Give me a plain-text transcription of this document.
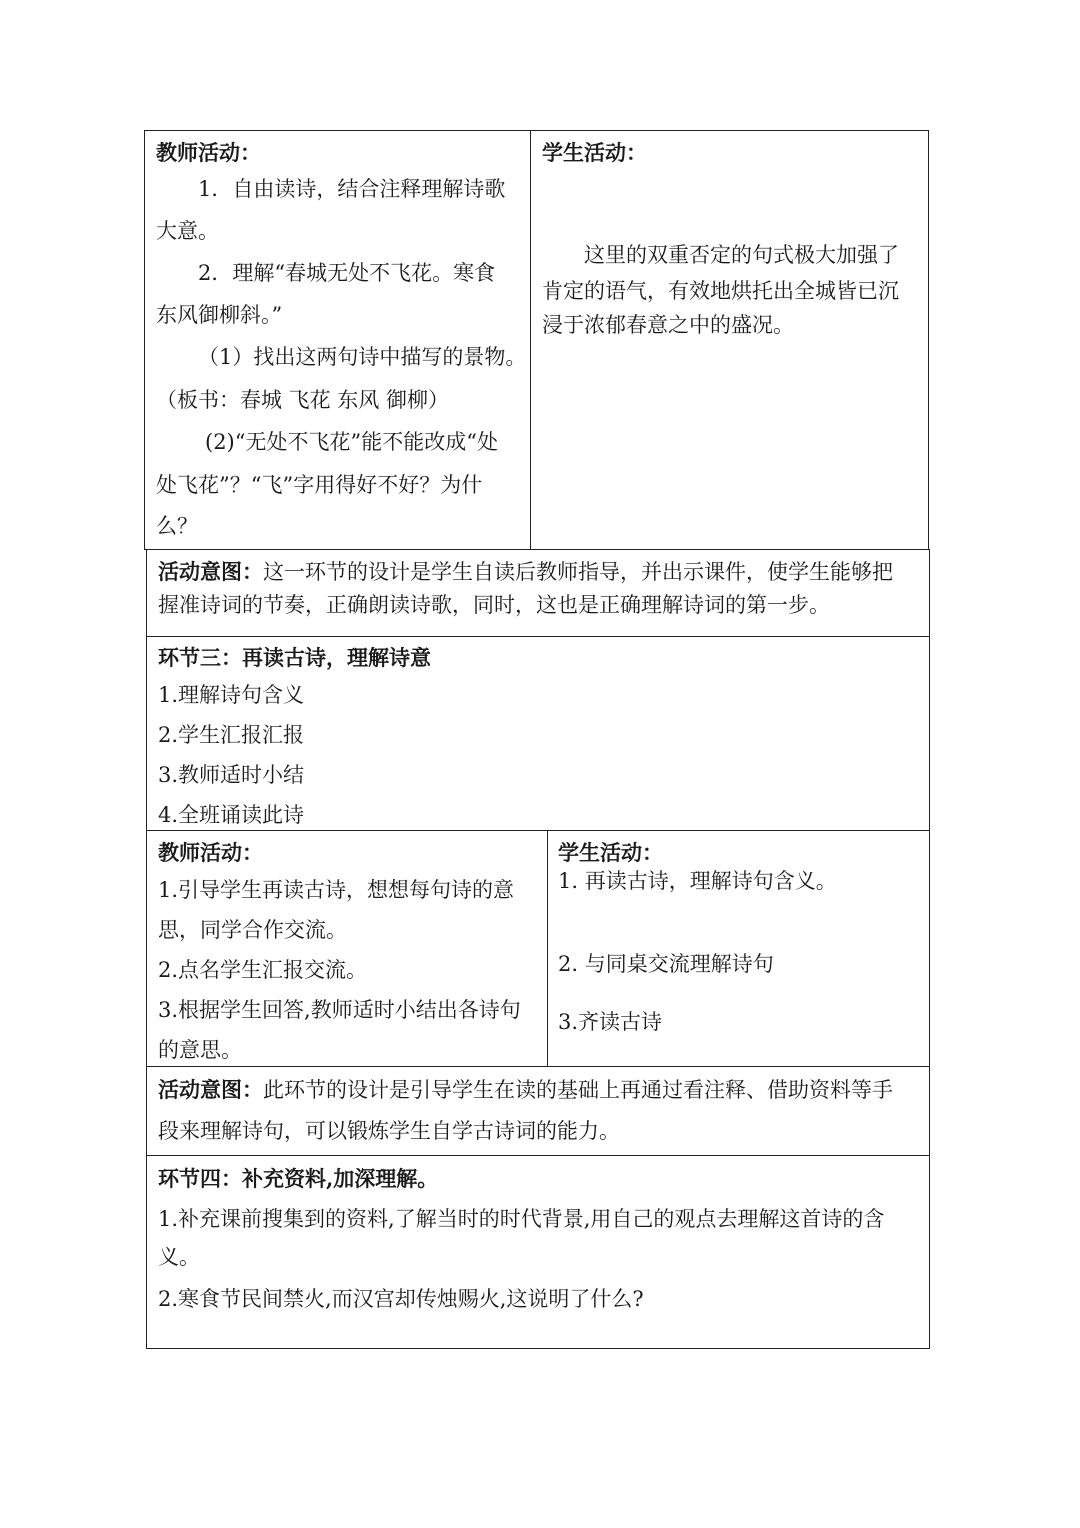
教师活动：
1．自由读诗，结合注释理解诗歌
大意。
2．理解“春城无处不飞花。寒食
东风御柳斜。”
（1）找出这两句诗中描写的景物。
（板书：春城 飞花 东风 御柳）
(2)“无处不飞花”能不能改成“处
处飞花”？“飞”字用得好不好？为什
么？
学生活动：
这里的双重否定的句式极大加强了
肯定的语气，有效地烘托出全城皆已沉
浸于浓郁春意之中的盛况。
活动意图：这一环节的设计是学生自读后教师指导，并出示课件，使学生能够把
握准诗词的节奏，正确朗读诗歌，同时，这也是正确理解诗词的第一步。
环节三：再读古诗，理解诗意
1.理解诗句含义
2.学生汇报汇报
3.教师适时小结
4.全班诵读此诗
教师活动：
1.引导学生再读古诗，想想每句诗的意
思，同学合作交流。
2.点名学生汇报交流。
3.根据学生回答,教师适时小结出各诗句
的意思。
学生活动：
1. 再读古诗，理解诗句含义。
2. 与同桌交流理解诗句
3.齐读古诗
活动意图：此环节的设计是引导学生在读的基础上再通过看注释、借助资料等手
段来理解诗句，可以锻炼学生自学古诗词的能力。
环节四：补充资料,加深理解。
1.补充课前搜集到的资料,了解当时的时代背景,用自己的观点去理解这首诗的含
义。
2.寒食节民间禁火,而汉宫却传烛赐火,这说明了什么?
